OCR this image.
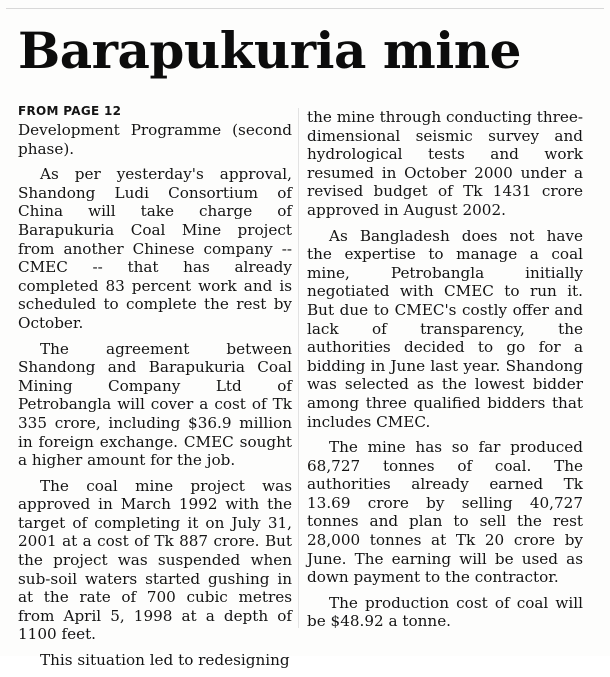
Barapukuria mine
FROM PAGE 12

Development Programme (second phase).

As per yesterday's approval, Shandong Ludi Consortium of China will take charge of Barapukuria Coal Mine project from another Chinese company -- CMEC -- that has already completed 83 percent work and is scheduled to complete the rest by October.

The agreement between Shandong and Barapukuria Coal Mining Company Ltd of Petrobangla will cover a cost of Tk 335 crore, including $36.9 million in foreign exchange. CMEC sought a higher amount for the job.

The coal mine project was approved in March 1992 with the target of completing it on July 31, 2001 at a cost of Tk 887 crore. But the project was suspended when sub-soil waters started gushing in at the rate of 700 cubic metres from April 5, 1998 at a depth of 1100 feet.

This situation led to redesigning

the mine through conducting three-dimensional seismic survey and hydrological tests and work resumed in October 2000 under a revised budget of Tk 1431 crore approved in August 2002.

As Bangladesh does not have the expertise to manage a coal mine, Petrobangla initially negotiated with CMEC to run it. But due to CMEC's costly offer and lack of transparency, the authorities decided to go for a bidding in June last year. Shandong was selected as the lowest bidder among three qualified bidders that includes CMEC.

The mine has so far produced 68,727 tonnes of coal. The authorities already earned Tk 13.69 crore by selling 40,727 tonnes and plan to sell the rest 28,000 tonnes at Tk 20 crore by June. The earning will be used as down payment to the contractor.

The production cost of coal will be $48.92 a tonne.
